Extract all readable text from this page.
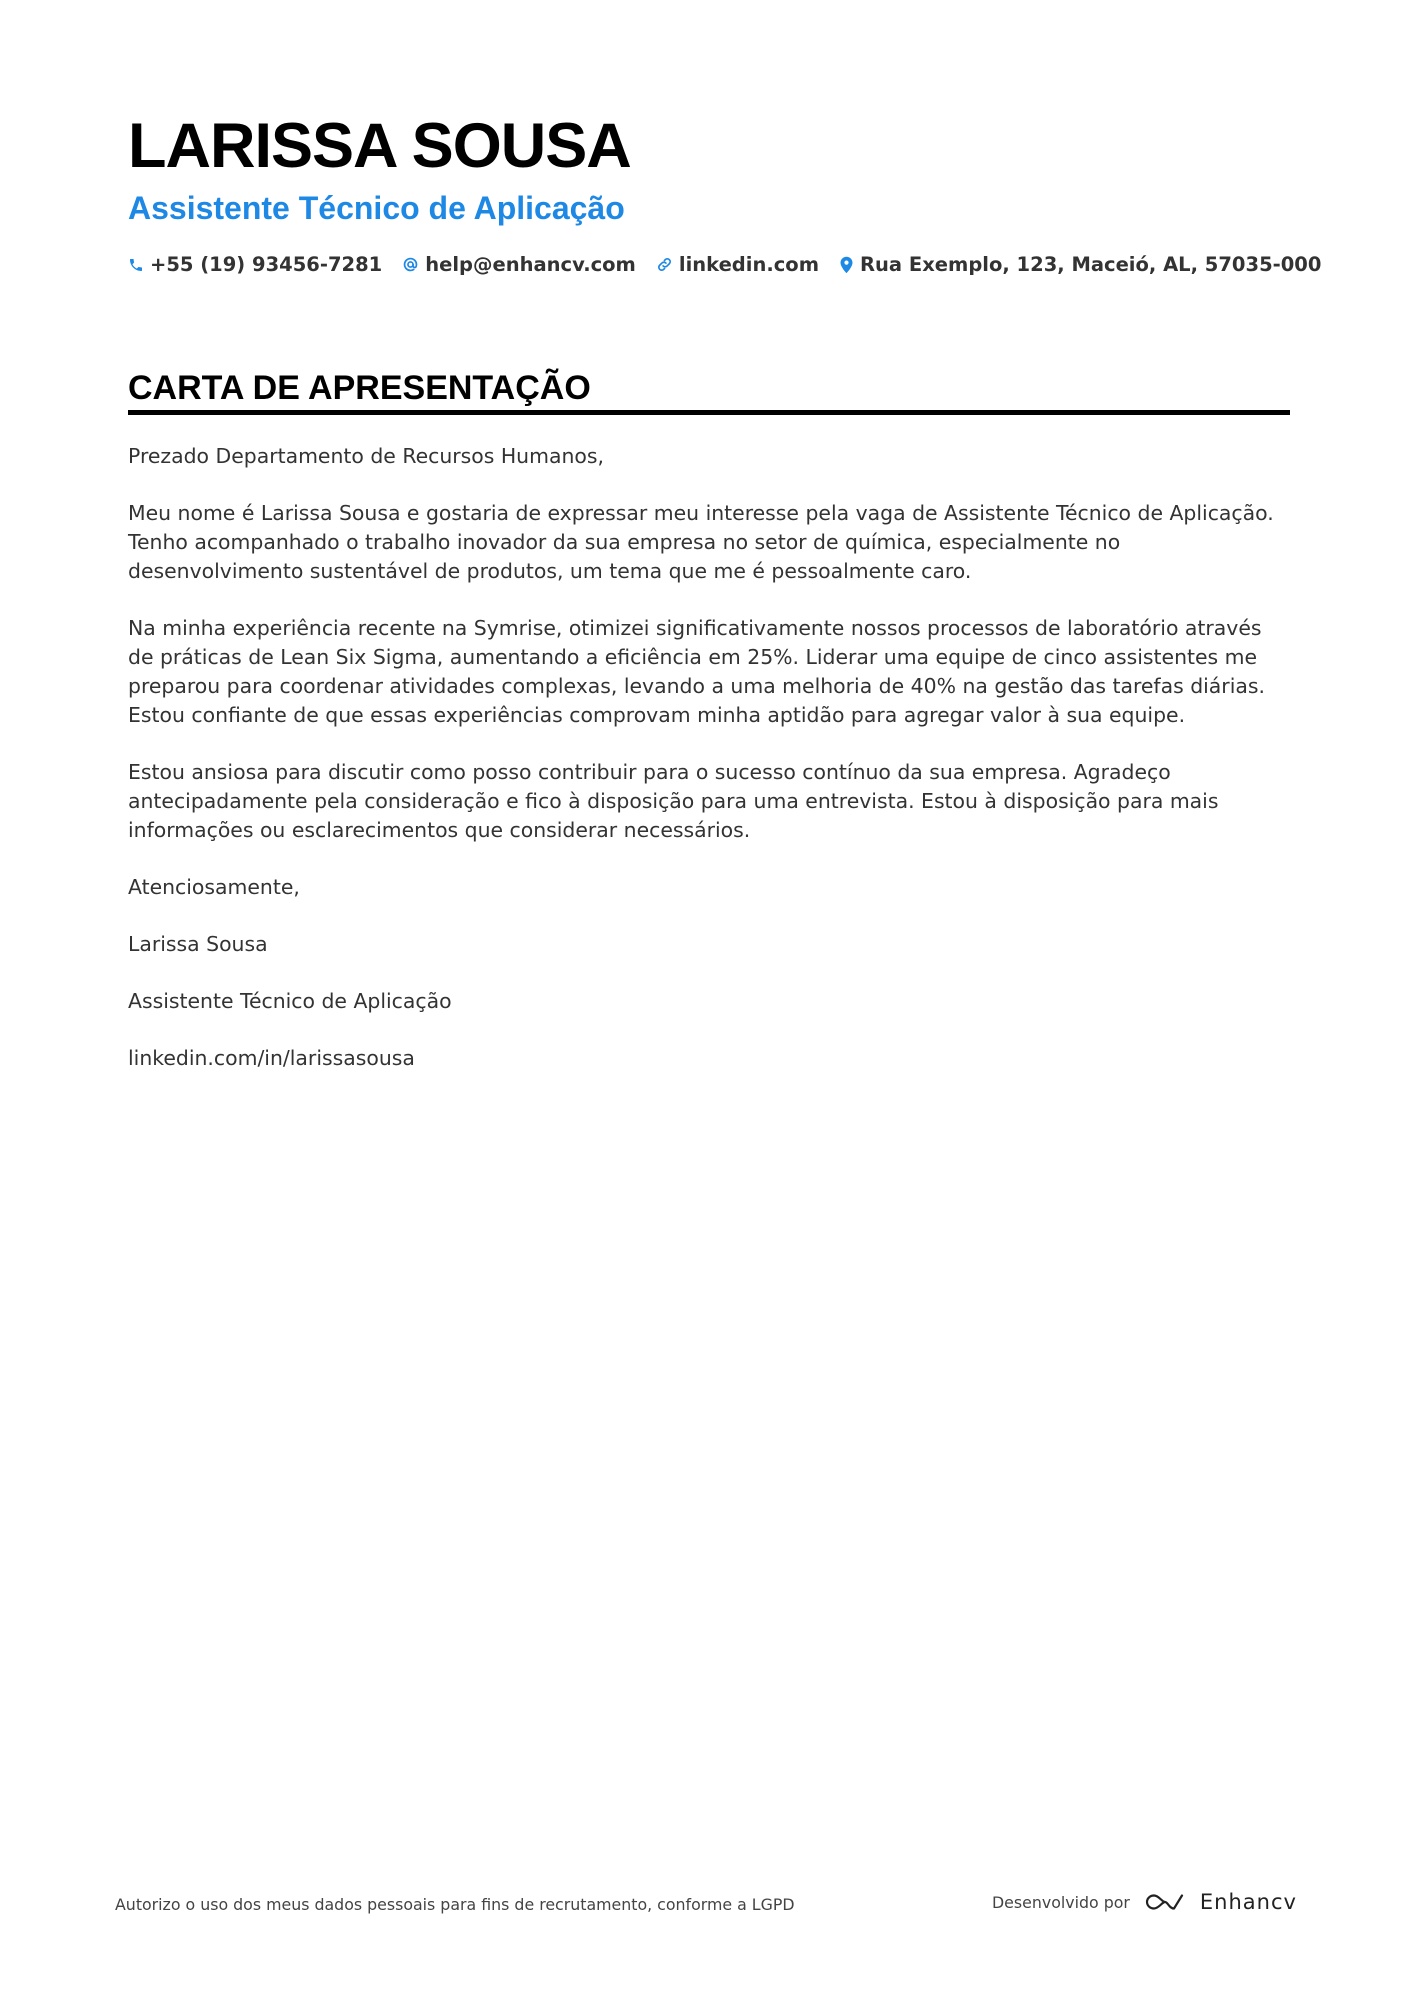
LARISSA SOUSA
Assistente Técnico de Aplicação
+55 (19) 93456-7281 help@enhancv.com linkedin.com Rua Exemplo, 123, Maceió, AL, 57035-000
CARTA DE APRESENTAÇÃO

Prezado Departamento de Recursos Humanos,

Meu nome é Larissa Sousa e gostaria de expressar meu interesse pela vaga de Assistente Técnico de Aplicação. Tenho acompanhado o trabalho inovador da sua empresa no setor de química, especialmente no desenvolvimento sustentável de produtos, um tema que me é pessoalmente caro.

Na minha experiência recente na Symrise, otimizei significativamente nossos processos de laboratório através de práticas de Lean Six Sigma, aumentando a eficiência em 25%. Liderar uma equipe de cinco assistentes me preparou para coordenar atividades complexas, levando a uma melhoria de 40% na gestão das tarefas diárias. Estou confiante de que essas experiências comprovam minha aptidão para agregar valor à sua equipe.

Estou ansiosa para discutir como posso contribuir para o sucesso contínuo da sua empresa. Agradeço antecipadamente pela consideração e fico à disposição para uma entrevista. Estou à disposição para mais informações ou esclarecimentos que considerar necessários.

Atenciosamente,

Larissa Sousa

Assistente Técnico de Aplicação

linkedin.com/in/larissasousa

Autorizo o uso dos meus dados pessoais para fins de recrutamento, conforme a LGPD	Desenvolvido por	Enhancv
